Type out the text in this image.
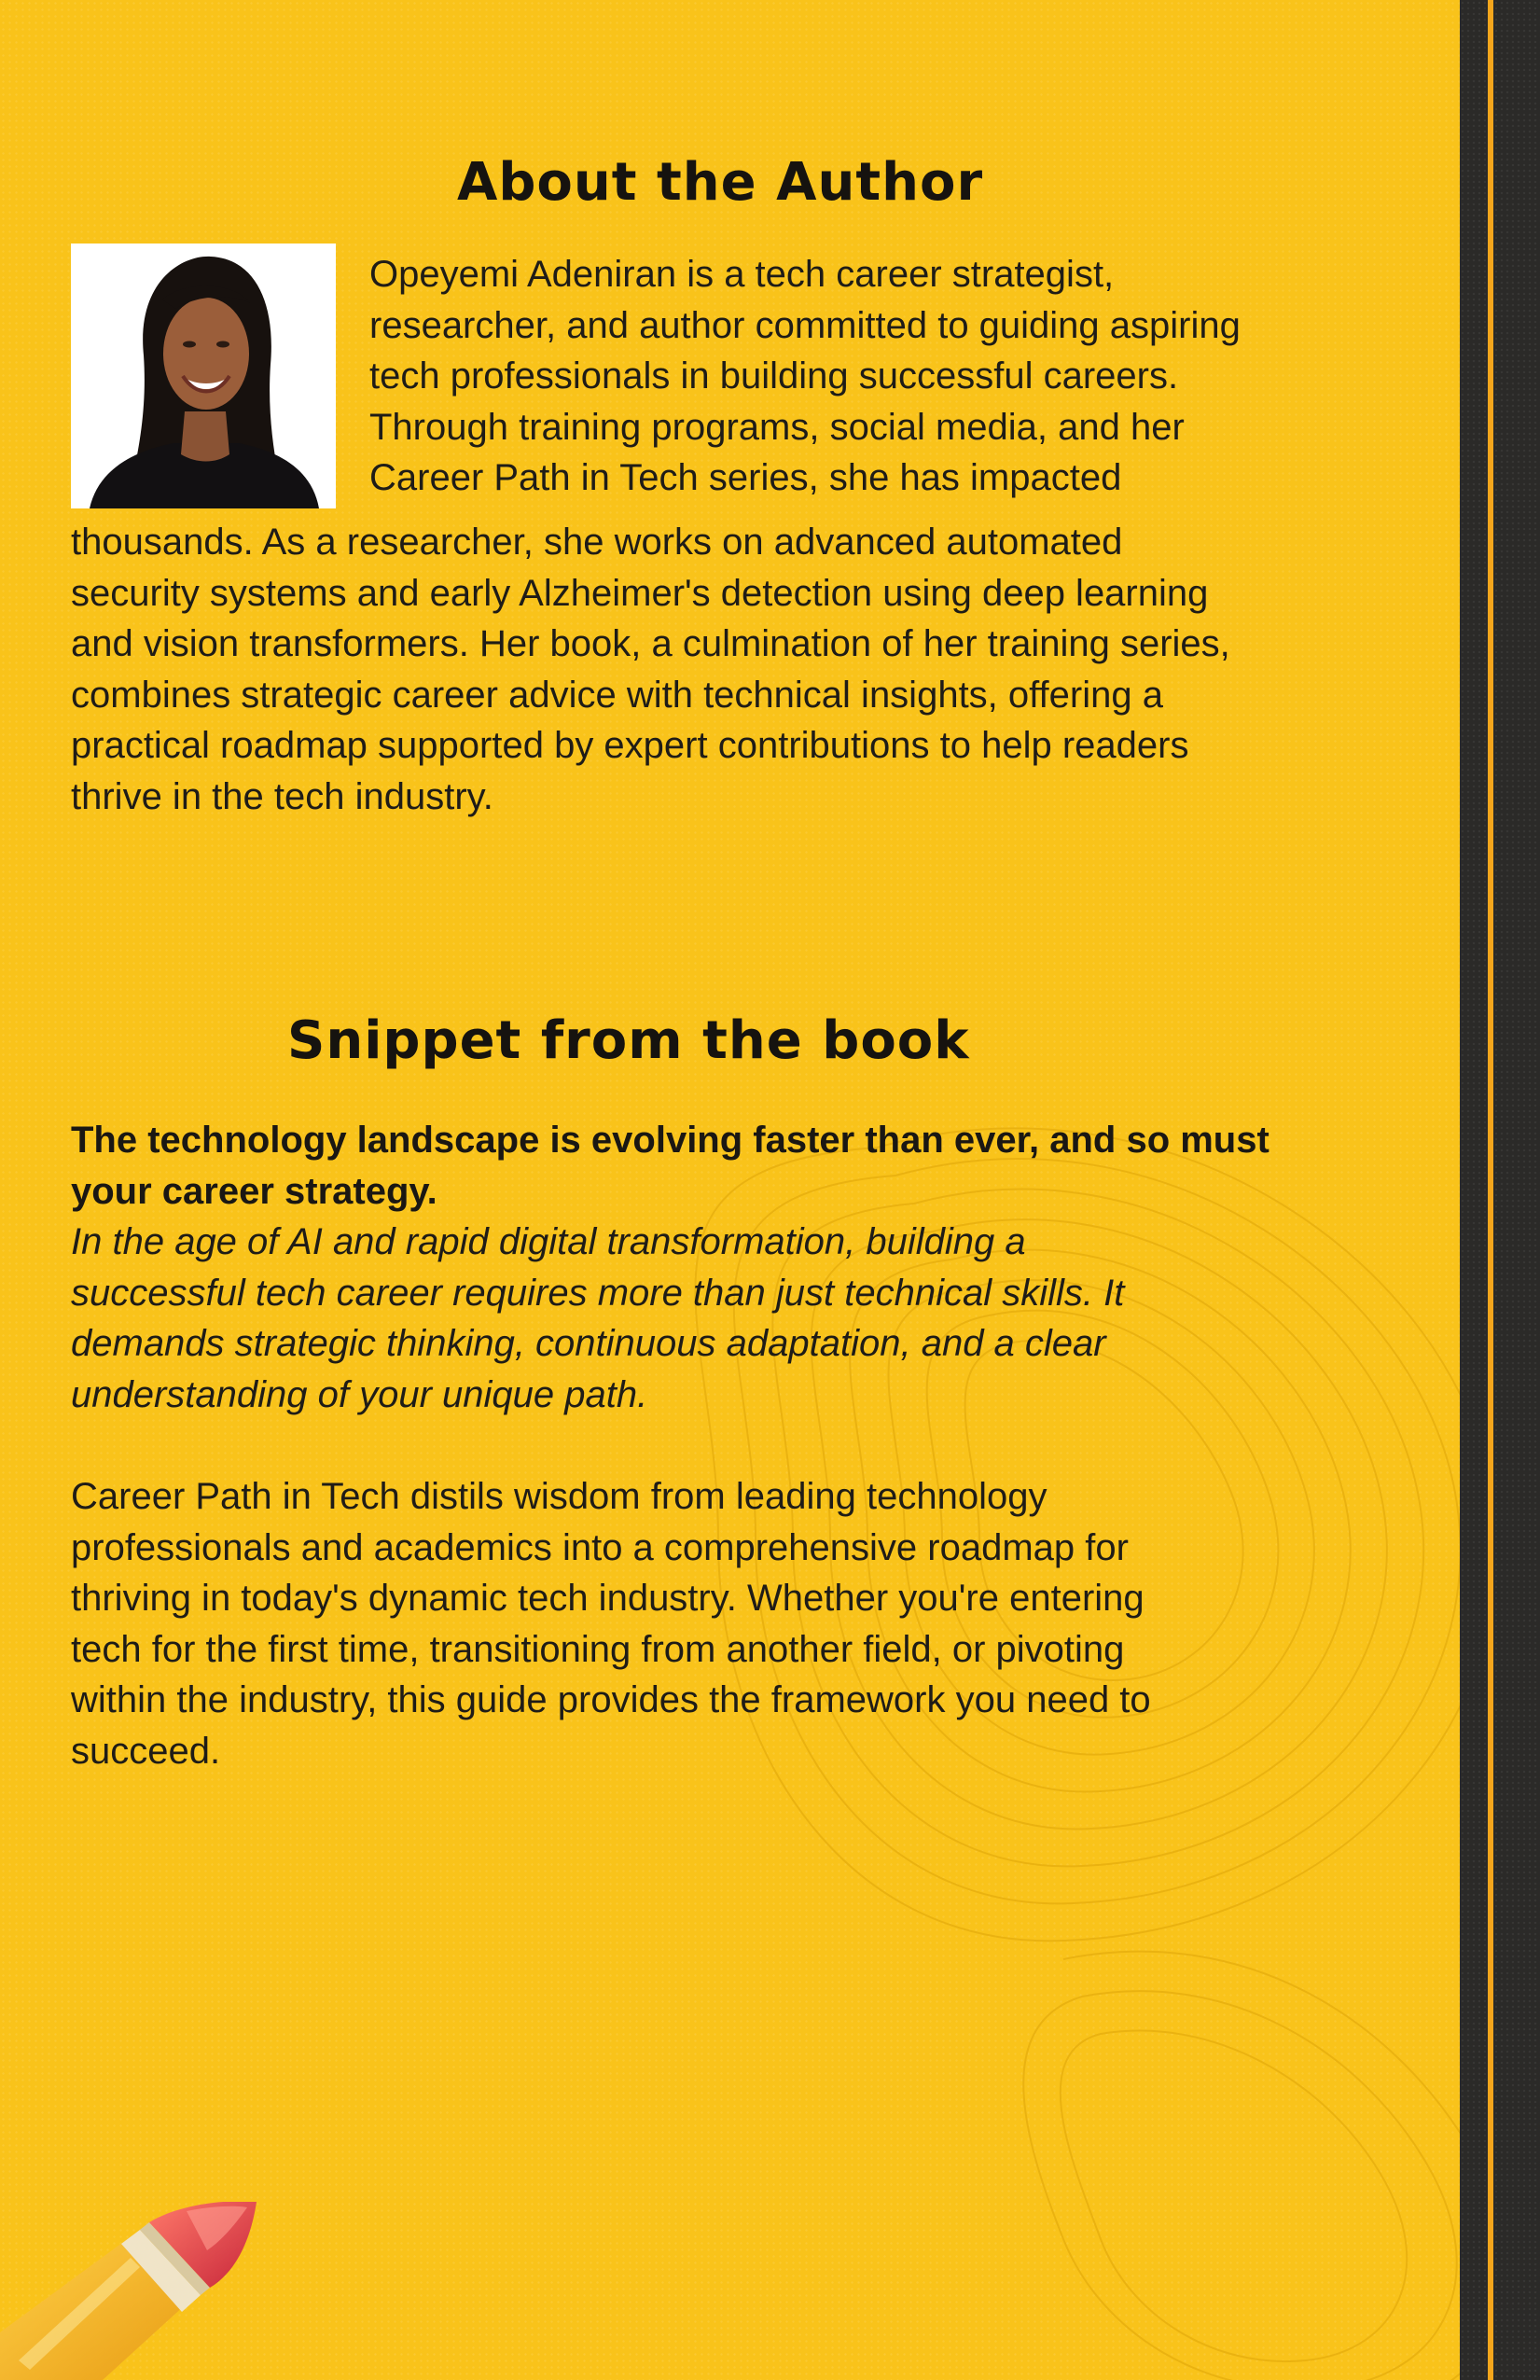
About the Author
Opeyemi Adeniran is a tech career strategist,
researcher, and author committed to guiding aspiring
tech professionals in building successful careers.
Through training programs, social media, and her
Career Path in Tech series, she has impacted
thousands. As a researcher, she works on advanced automated
security systems and early Alzheimer's detection using deep learning
and vision transformers. Her book, a culmination of her training series,
combines strategic career advice with technical insights, offering a
practical roadmap supported by expert contributions to help readers
thrive in the tech industry.
Snippet from the book
The technology landscape is evolving faster than ever, and so must
your career strategy.
In the age of AI and rapid digital transformation, building a
successful tech career requires more than just technical skills. It
demands strategic thinking, continuous adaptation, and a clear
understanding of your unique path.
Career Path in Tech distils wisdom from leading technology
professionals and academics into a comprehensive roadmap for
thriving in today's dynamic tech industry. Whether you're entering
tech for the first time, transitioning from another field, or pivoting
within the industry, this guide provides the framework you need to
succeed.
